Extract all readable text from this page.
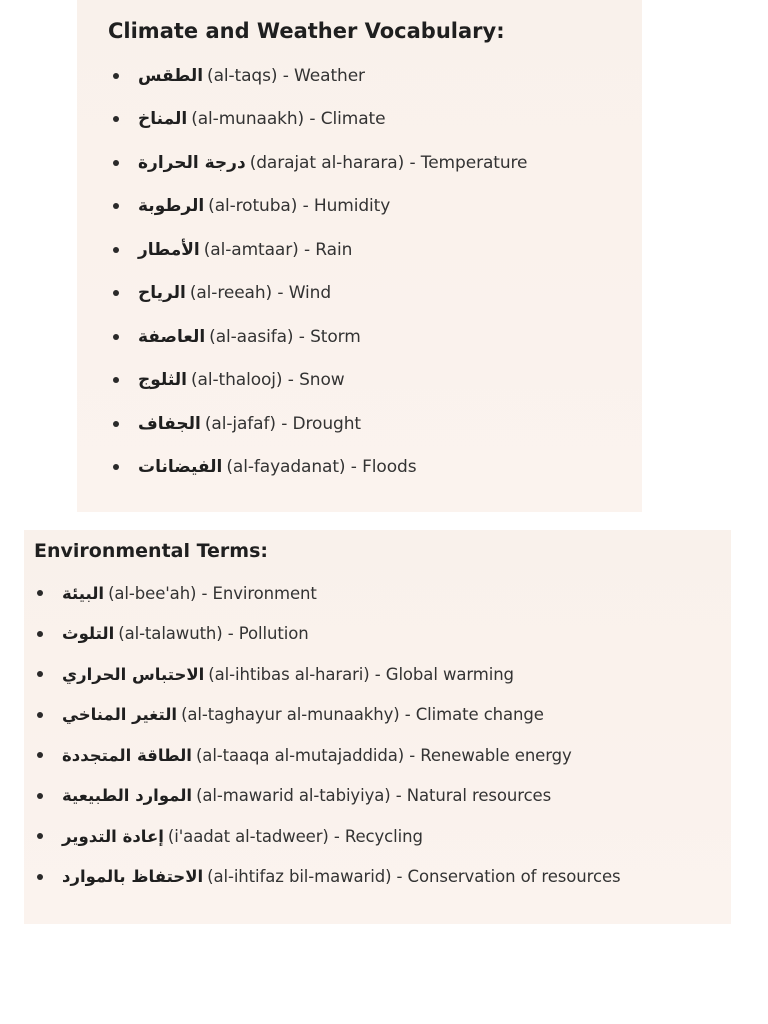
Climate and Weather Vocabulary:
الطقس (al-taqs) - Weather
المناخ (al-munaakh) - Climate
درجة الحرارة (darajat al-harara) - Temperature
الرطوبة (al-rotuba) - Humidity
الأمطار (al-amtaar) - Rain
الرياح (al-reeah) - Wind
العاصفة (al-aasifa) - Storm
الثلوج (al-thalooj) - Snow
الجفاف (al-jafaf) - Drought
الفيضانات (al-fayadanat) - Floods
Environmental Terms:
البيئة (al-bee'ah) - Environment
التلوث (al-talawuth) - Pollution
الاحتباس الحراري (al-ihtibas al-harari) - Global warming
التغير المناخي (al-taghayur al-munaakhy) - Climate change
الطاقة المتجددة (al-taaqa al-mutajaddida) - Renewable energy
الموارد الطبيعية (al-mawarid al-tabiyiya) - Natural resources
إعادة التدوير (i'aadat al-tadweer) - Recycling
الاحتفاظ بالموارد (al-ihtifaz bil-mawarid) - Conservation of resources
